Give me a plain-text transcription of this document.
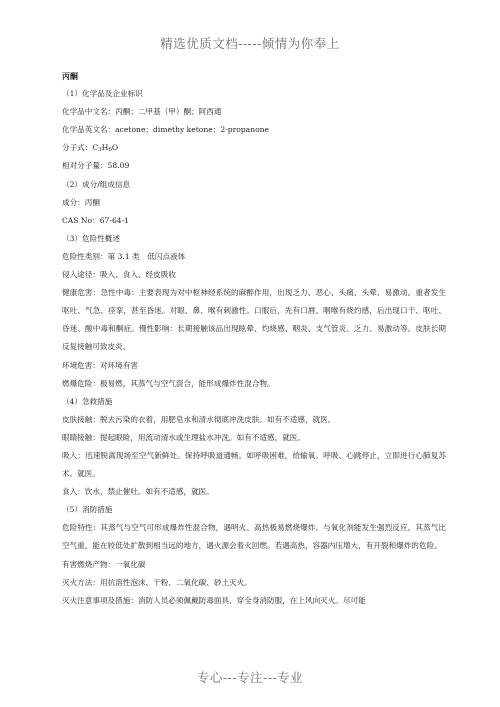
精选优质文档-----倾情为你奉上
丙酮
（1）化学品及企业标识
化学品中文名：丙酮；二甲基（甲）酮；阿西通
化学品英文名：acetone；dimethy ketone；2-propanone
分子式：C3H6O
相对分子量：58.09
（2）成分/组成信息
成分：丙酮
CAS No：67-64-1
（3）危险性概述
危险性类别：第 3.1 类　低闪点液体
侵入途径：吸入、食入、经皮吸收
健康危害：急性中毒：主要表现为对中枢神经系统的麻醉作用，出现乏力、恶心、头痛、头晕、易激动。重者发生呕吐、气急、痉挛，甚至昏迷。对眼、鼻、喉有刺激性。口服后，先有口唇、咽喉有烧灼感，后出现口干、呕吐、昏迷、酸中毒和酮症。慢性影响：长期接触该品出现眩晕、灼烧感、咽炎、支气管炎、乏力、易激动等。皮肤长期反复接触可致皮炎。
环境危害：对环境有害
燃爆危险：极易燃，其蒸气与空气混合，能形成爆炸性混合物。
（4）急救措施
皮肤接触：脱去污染的衣着，用肥皂水和清水彻底冲洗皮肤。如有不适感，就医。
眼睛接触：提起眼睑，用流动清水或生理盐水冲洗。如有不适感，就医。
吸入：迅速脱离现场至空气新鲜处。保持呼吸道通畅。如呼吸困难，给输氧。呼吸、心跳停止，立即进行心肺复苏术。就医。
食入：饮水，禁止催吐。如有不适感，就医。
（5）消防措施
危险特性：其蒸气与空气可形成爆炸性混合物，遇明火、高热极易燃烧爆炸。与氧化剂能发生强烈反应。其蒸气比空气重，能在较低处扩散到相当远的地方，遇火源会着火回燃。若遇高热，容器内压增大，有开裂和爆炸的危险。
有害燃烧产物：一氧化碳
灭火方法：用抗溶性泡沫、干粉、二氧化碳、砂土灭火。
灭火注意事项及措施：消防人员必须佩戴防毒面具、穿全身消防服，在上风向灭火。尽可能
专心---专注---专业
